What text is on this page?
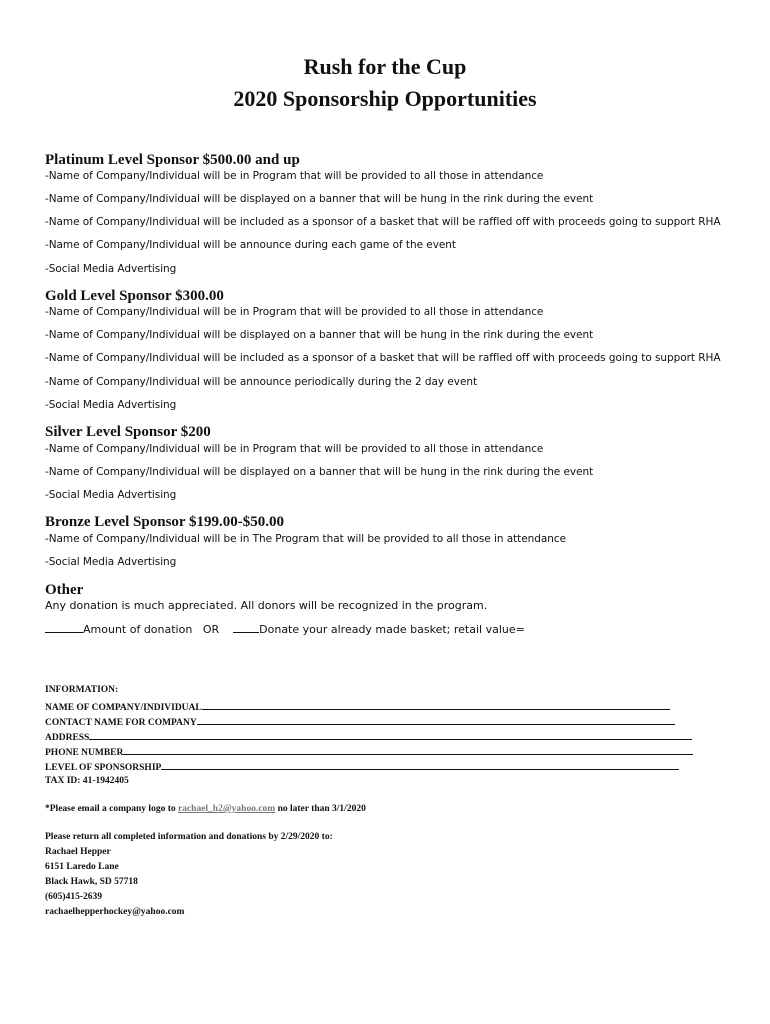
Rush for the Cup
2020 Sponsorship Opportunities
Platinum Level Sponsor $500.00 and up
-Name of Company/Individual will be in Program that will be provided to all those in attendance
-Name of Company/Individual will be displayed on a banner that will be hung in the rink during the event
-Name of Company/Individual will be included as a sponsor of a basket that will be raffled off with proceeds going to support RHA
-Name of Company/Individual will be announce during each game of the event
-Social Media Advertising
Gold Level Sponsor $300.00
-Name of Company/Individual will be in Program that will be provided to all those in attendance
-Name of Company/Individual will be displayed on a banner that will be hung in the rink during the event
-Name of Company/Individual will be included as a sponsor of a basket that will be raffled off with proceeds going to support RHA
-Name of Company/Individual will be announce periodically during the 2 day event
-Social Media Advertising
Silver Level Sponsor $200
-Name of Company/Individual will be in Program that will be provided to all those in attendance
-Name of Company/Individual will be displayed on a banner that will be hung in the rink during the event
-Social Media Advertising
Bronze Level Sponsor $199.00-$50.00
-Name of Company/Individual will be in The Program that will be provided to all those in attendance
-Social Media Advertising
Other
Any donation is much appreciated. All donors will be recognized in the program.
Amount of donation OR	Donate your already made basket; retail value=
INFORMATION:
NAME OF COMPANY/INDIVIDUAL
CONTACT NAME FOR COMPANY
ADDRESS
PHONE NUMBER
LEVEL OF SPONSORSHIP
TAX ID: 41-1942405
*Please email a company logo to rachael_h2@yahoo.com no later than 3/1/2020
Please return all completed information and donations by 2/29/2020 to:
Rachael Hepper
6151 Laredo Lane
Black Hawk, SD 57718
(605)415-2639
rachaelhepperhockey@yahoo.com
